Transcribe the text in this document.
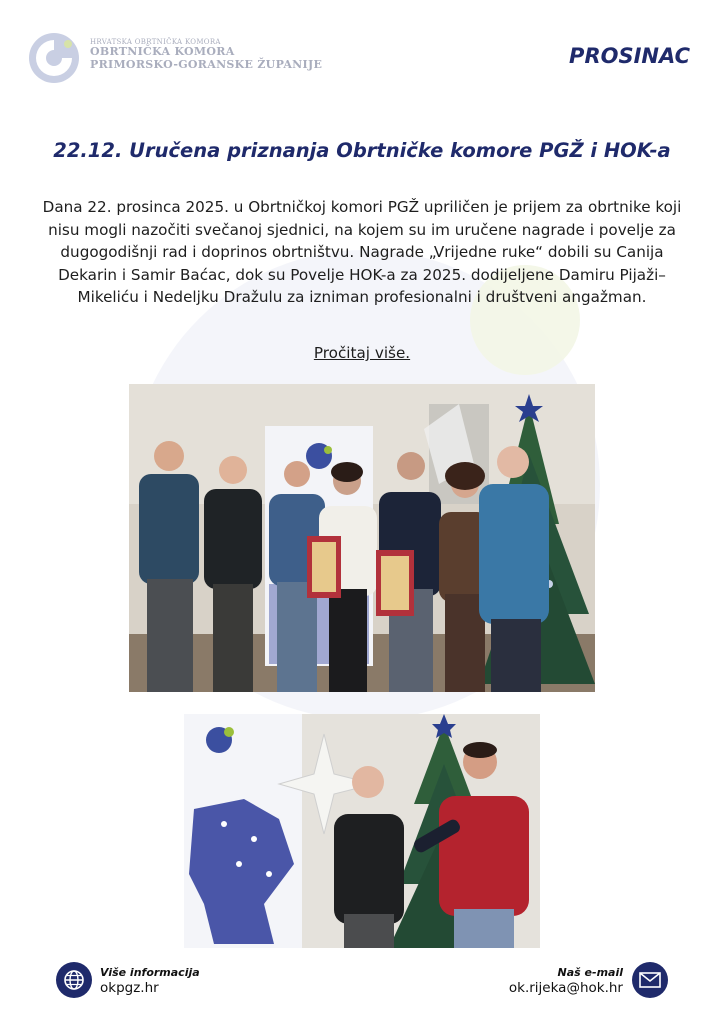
HRVATSKA OBRTNIČKA KOMORA
OBRTNIČKA KOMORA
PRIMORSKO-GORANSKE ŽUPANIJE	PROSINAC
22.12. Uručena priznanja Obrtničke komore PGŽ i HOK-a
Dana 22. prosinca 2025. u Obrtničkoj komori PGŽ upriličen je prijem za obrtnike koji nisu mogli nazočiti svečanoj sjednici, na kojem su im uručene nagrade i povelje za dugogodišnji rad i doprinos obrtništvu. Nagrade „Vrijedne ruke“ dobili su Canija Dekarin i Samir Baćac, dok su Povelje HOK-a za 2025. dodijeljene Damiru Pijaži–Mikeliću i Nedeljku Dražulu za izniman profesionalni i društveni angažman.
Pročitaj više.
Više informacija
okpgz.hr
Naš e-mail
ok.rijeka@hok.hr
